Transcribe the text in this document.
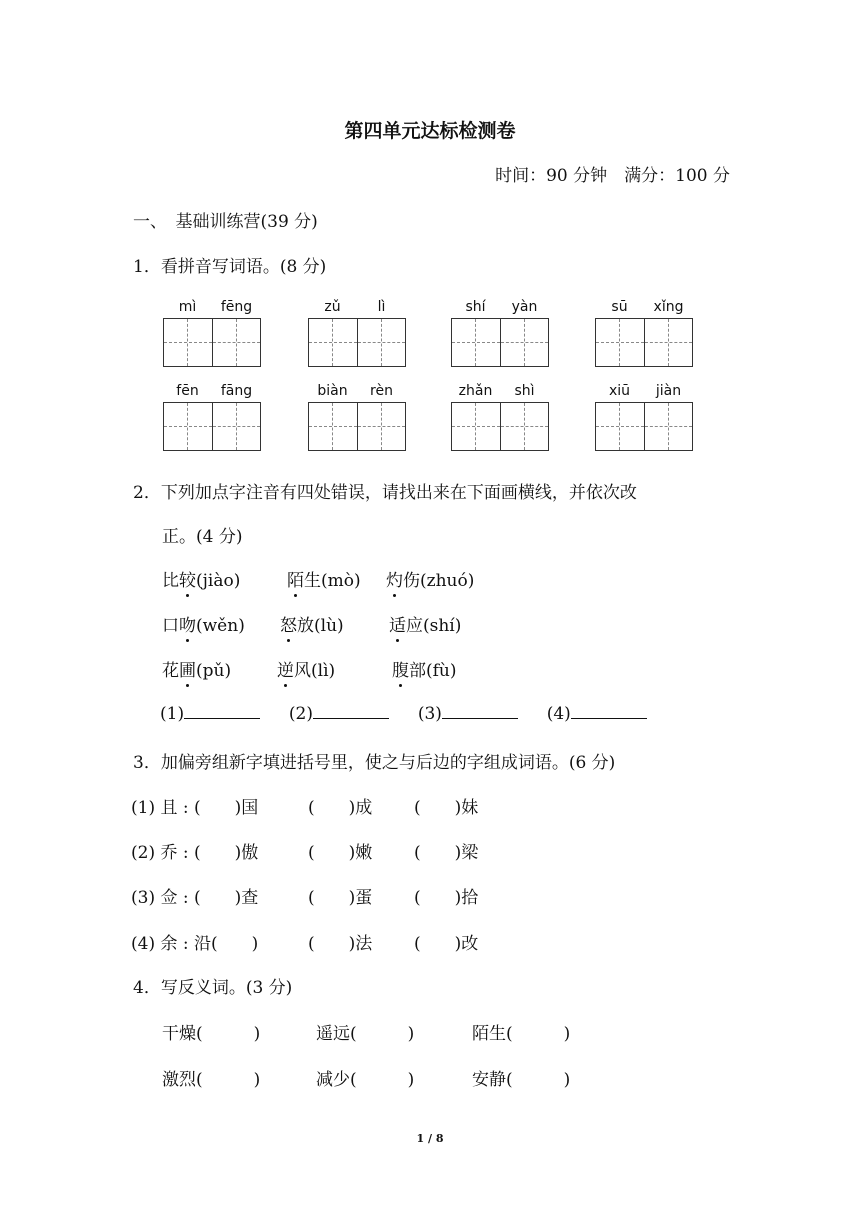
第四单元达标检测卷
时间：90 分钟　满分：100 分
一、　基础训练营(39 分)
1．看拼音写词语。(8 分)
mì	fēng	zǔ	lì	shí	yàn	sū	xǐng
fēn	fāng	biàn	rèn	zhǎn	shì	xiū	jiàn
2．下列加点字注音有四处错误，请找出来在下面画横线，并依次改
正。(4 分)
比较(jiào)	陌生(mò) 灼伤(zhuó)
口吻(wěn) 怒放(lù)	适应(shí)
花圃(pǔ)	逆风(lì)	腹部(fù)
(1)	(2)	(3)	(4)
3．加偏旁组新字填进括号里，使之与后边的字组成词语。(6 分)
(1) 且 : (　　)国	(　　)成 (　　)妹
(2) 乔 : (　　)傲	(　　)嫩 (　　)梁
(3) 佥 : (　　)查	(　　)蛋 (　　)拾
(4) 余 : 沿(　　)	(　　)法 (　　)改
4．写反义词。(3 分)
干燥(　　　)	遥远(　　　)	陌生(　　　)
激烈(　　　)	减少(　　　)	安静(　　　)
1 / 8
